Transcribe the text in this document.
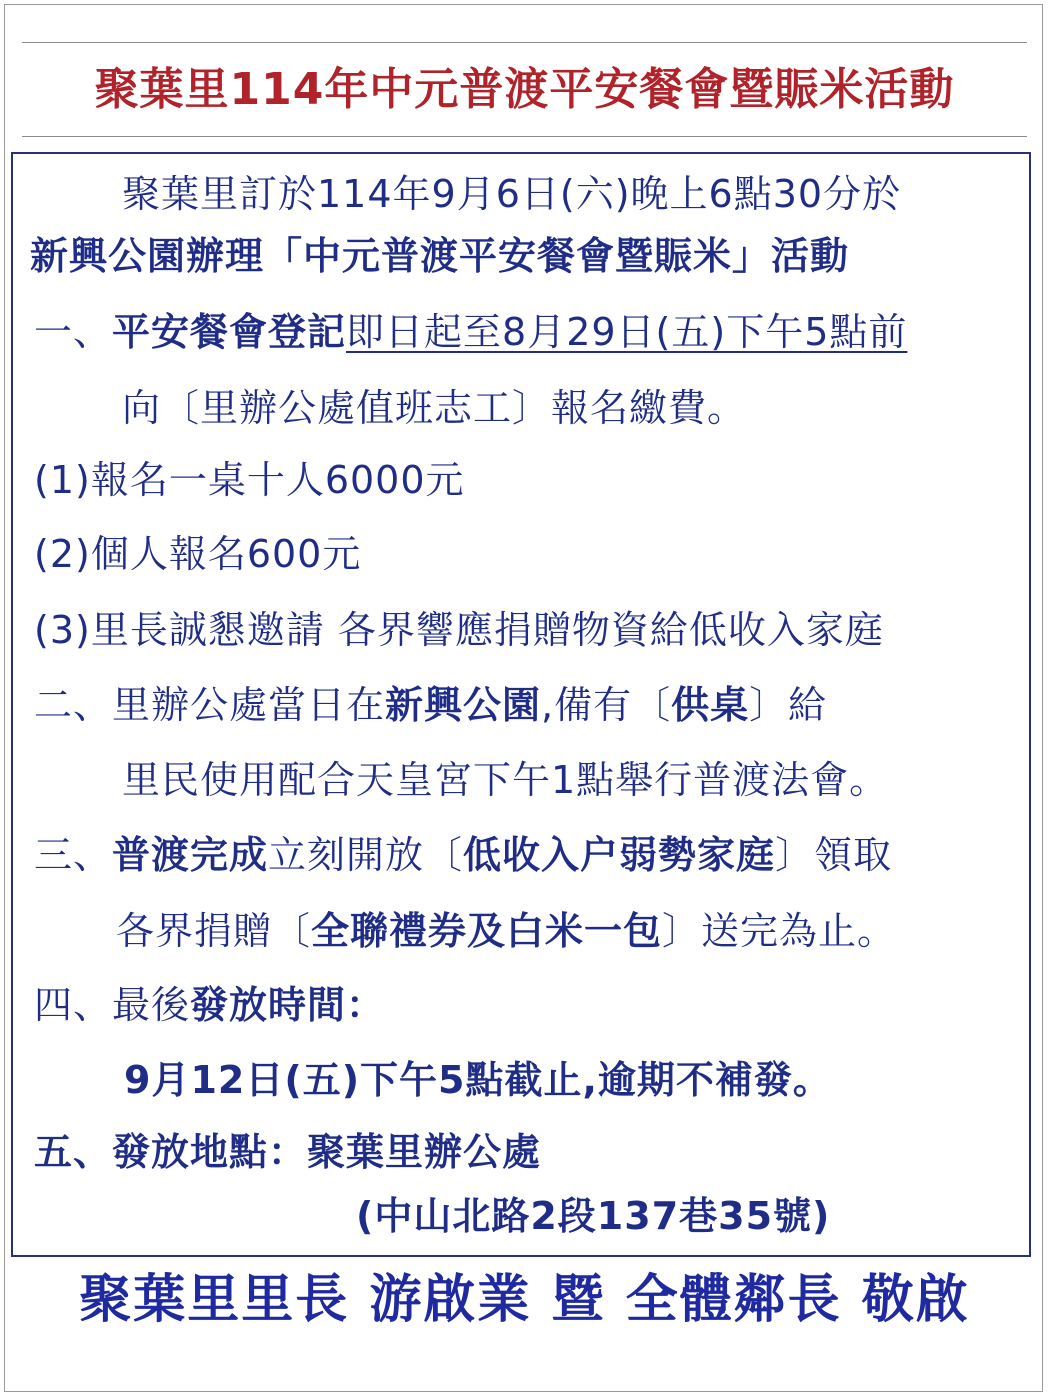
聚葉里114年中元普渡平安餐會暨賑米活動
聚葉里訂於114年9月6日(六)晚上6點30分於
新興公園辦理「中元普渡平安餐會暨賑米」活動
一、平安餐會登記即日起至8月29日(五)下午5點前
向〔里辦公處值班志工〕報名繳費。
(1)報名一桌十人6000元
(2)個人報名600元
(3)里長誠懇邀請 各界響應捐贈物資給低收入家庭
二、里辦公處當日在新興公園,備有〔供桌〕給
里民使用配合天皇宮下午1點舉行普渡法會。
三、普渡完成立刻開放〔低收入户弱勢家庭〕領取
各界捐贈〔全聯禮券及白米一包〕送完為止。
四、最後發放時間：
9月12日(五)下午5點截止,逾期不補發。
五、發放地點：聚葉里辦公處
(中山北路2段137巷35號)
聚葉里里長 游啟業 暨 全體鄰長 敬啟
